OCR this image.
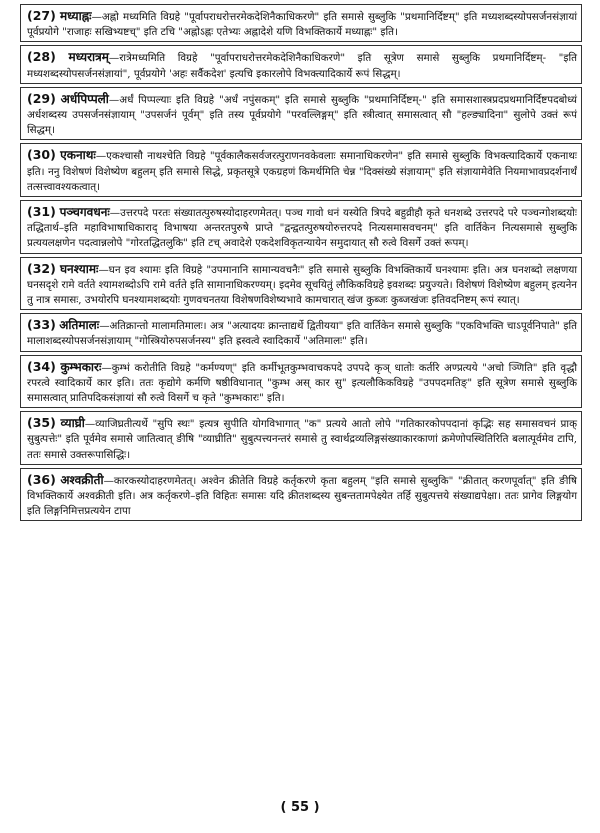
(27) मध्याह्नः—अह्नो मध्यमिति विग्रहे "पूर्वापराधरोत्तरमेकदेशिनैकाधिकरणे" इति समासे सुब्लुकि "प्रथमानिर्दिष्टम्" इति मध्यशब्दस्योपसर्जनसंज्ञायां पूर्वप्रयोगे "राजाहः सखिभ्यष्टच्" इति टचि "अह्नोऽह्नः एतेभ्यः अह्नादेशे यणि विभक्तिकार्ये मध्याह्नः" इति।
(28) मध्यरात्रम्—रात्रेमध्यमिति विग्रहे "पूर्वापराधरोत्तरमेकदेशिनैकाधिकरणे" इति सूत्रेण समासे सुब्लुकि प्रथमानिर्दिष्टम्- "इति मध्यशब्दस्योपसर्जनसंज्ञायां", पूर्वप्रयोगे 'अहः सर्वैकदेश' इत्यचि इकारलोपे विभक्त्यादिकार्ये रूपं सिद्धम्।
(29) अर्धपिप्पली—अर्धं पिप्पल्याः इति विग्रहे "अर्धं नपुंसकम्" इति समासे सुब्लुकि "प्रथमानिर्दिष्टम्-" इति समासशास्त्रप्रदप्रथमानिर्दिष्टपदबोध्यं अर्धशब्दस्य उपसर्जनसंज्ञायाम् "उपसर्जनं पूर्वम्" इति तस्य पूर्वप्रयोगे "परवल्लिङ्गम्" इति स्त्रीत्वात् समासत्वात् सौ "हल्ङ्यादिना" सुलोपे उक्तं रूपं सिद्धम्।
(30) एकनाथः—एकश्चासौ नाथश्चेति विग्रहे "पूर्वकालैकसर्वजरत्पुराणनवकेवलाः समानाधिकरणेन" इति समासे सुब्लुकि विभक्त्यादिकार्ये एकनाथः इति। ननु विशेषणं विशेष्येण बहुलम् इति समासे सिद्धे, प्रकृतसूत्रे एकग्रहणं किमर्थमिति चेन्न "दिक्संख्ये संज्ञायाम्" इति संज्ञायामेवेति नियमाभावप्रदर्शनार्थं तत्सत्त्वावश्यकत्वात्।
(31) पञ्चगवधनः—उत्तरपदे परतः संख्यातत्पुरुषस्योदाहरणमेतत्। पञ्च गावो धनं यस्येति त्रिपदे बहुव्रीहौ कृते धनशब्दे उत्तरपदे परे पञ्चन्गोशब्दयोः तद्धितार्थ–इति महाविभाषाधिकाराद् विभाषया अन्तरतपुरुषे प्राप्ते "द्वन्द्वतत्पुरुषयोरुत्तरपदे नित्यसमासवचनम्" इति वार्तिकेन नित्यसमासे सुब्लुकि प्रत्ययलक्षणेन पदत्वान्नलोपे "गोरतद्धितलुकि" इति टच् अवादेशे एकदेशविकृतन्यायेन समुदायात् सौ रुत्वे विसर्गे उक्तं रूपम्।
(32) घनश्यामः—घन इव श्यामः इति विग्रहे "उपमानानि सामान्यवचनैः" इति समासे सुब्लुकि विभक्तिकार्ये घनश्यामः इति। अत्र घनशब्दो लक्षणया घनसदृशे रामे वर्तते श्यामशब्दोऽपि रामे वर्तते इति सामानाधिकरण्यम्। इदमेव सूचयितुं लौकिकविग्रहे इवशब्दः प्रयुज्यते। विशेषणं विशेष्येण बहुलम् इत्यनेन तु नात्र समासः, उभयोरपि घनश्यामशब्दयोः गुणवचनतया विशेषणविशेष्यभावे कामचारात् खंज कुब्जः कुब्जखंजः इतिवदनिष्टम् रूपं स्यात्।
(33) अतिमालः—अतिक्रान्तो मालामतिमालः। अत्र "अत्यादयः क्रान्ताद्यर्थे द्वितीयया" इति वार्तिकेन समासे सुब्लुकि "एकविभक्ति चाऽपूर्वनिपाते" इति मालाशब्दस्योपसर्जनसंज्ञायाम् "गोस्त्रियोरुपसर्जनस्य" इति ह्रस्वत्वे स्वादिकार्ये "अतिमालः" इति।
(34) कुम्भकारः—कुम्भं करोतीति विग्रहे "कर्मण्यण्" इति कर्मीभूतकुम्भवाचकपदे उपपदे कृञ् धातोः कर्तरि अण्प्रत्यये "अचो ञ्णिति" इति वृद्धौ रपरत्वे स्वादिकार्ये कार इति। ततः कृद्योगे कर्मणि षष्ठीविधानात् "कुम्भ अस् कार सु" इत्यलौकिकविग्रहे "उपपदमतिङ्" इति सूत्रेण समासे सुब्लुकि समासत्वात् प्रातिपदिकसंज्ञायां सौ रुत्वे विसर्गे च कृते "कुम्भकारः" इति।
(35) व्याघ्री—व्याजिघ्रतीत्यर्थे "सुपि स्थः" इत्यत्र सुपीति योगविभागात् "क" प्रत्यये आतो लोपे "गतिकारकोपपदानां कृद्भिः सह समासवचनं प्राक् सुबुत्पत्तेः" इति पूर्वमेव समासे जातित्वात् ङीषि "व्याघ्रीति" सुबुत्पत्त्यनन्तरं समासे तु स्वार्थद्रव्यलिङ्गसंख्याकारकाणां क्रमेणोपस्थितिरिति बलात्पूर्वमेव टापि, ततः समासे उक्तरूपासिद्धिः।
(36) अश्वक्रीती—कारकस्योदाहरणमेतत्। अश्वेन क्रीतेति विग्रहे कर्तृकरणे कृता बहुलम् "इति समासे सुब्लुकि" "क्रीतात् करणपूर्वात्" इति ङीषि विभक्तिकार्ये अश्वक्रीती इति। अत्र कर्तृकरणे–इति विहितः समासः यदि क्रीतशब्दस्य सुबन्ततामपेक्ष्येत तर्हि सुबुत्पत्तये संख्याद्यपेक्षा। ततः प्रागेव लिङ्गयोग इति लिङ्गनिमित्तप्रत्ययेन टापा
( 55 )
